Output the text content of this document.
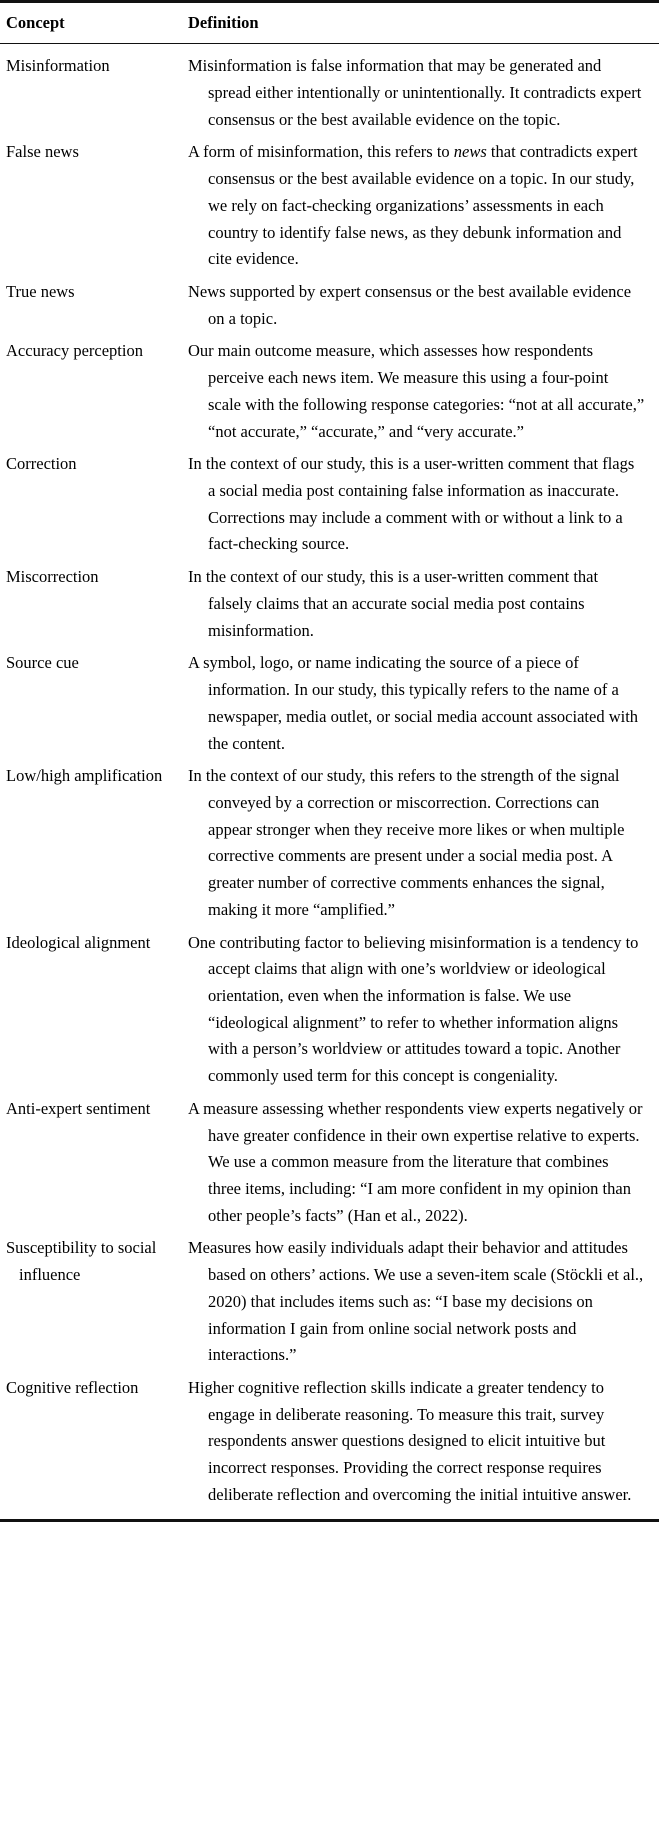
Concept	Definition
Misinformation	Misinformation is false information that may be generated and spread either intentionally or unintentionally. It contradicts expert consensus or the best available evidence on the topic.
False news	A form of misinformation, this refers to news that contradicts expert consensus or the best available evidence on a topic. In our study, we rely on fact-checking organizations’ assessments in each country to identify false news, as they debunk information and cite evidence.
True news	News supported by expert consensus or the best available evidence on a topic.
Accuracy perception	Our main outcome measure, which assesses how respondents perceive each news item. We measure this using a four-point scale with the following response categories: “not at all accurate,” “not accurate,” “accurate,” and “very accurate.”
Correction	In the context of our study, this is a user-written comment that flags a social media post containing false information as inaccurate. Corrections may include a comment with or without a link to a fact-checking source.
Miscorrection	In the context of our study, this is a user-written comment that falsely claims that an accurate social media post contains misinformation.
Source cue	A symbol, logo, or name indicating the source of a piece of information. In our study, this typically refers to the name of a newspaper, media outlet, or social media account associated with the content.
Low/high amplification	In the context of our study, this refers to the strength of the signal conveyed by a correction or miscorrection. Corrections can appear stronger when they receive more likes or when multiple corrective comments are present under a social media post. A greater number of corrective comments enhances the signal, making it more “amplified.”
Ideological alignment	One contributing factor to believing misinformation is a tendency to accept claims that align with one’s worldview or ideological orientation, even when the information is false. We use “ideological alignment” to refer to whether information aligns with a person’s worldview or attitudes toward a topic. Another commonly used term for this concept is congeniality.
Anti-expert sentiment	A measure assessing whether respondents view experts negatively or have greater confidence in their own expertise relative to experts. We use a common measure from the literature that combines three items, including: “I am more confident in my opinion than other people’s facts” (Han et al., 2022).
Susceptibility to social influence	Measures how easily individuals adapt their behavior and attitudes based on others’ actions. We use a seven-item scale (Stöckli et al., 2020) that includes items such as: “I base my decisions on information I gain from online social network posts and interactions.”
Cognitive reflection	Higher cognitive reflection skills indicate a greater tendency to engage in deliberate reasoning. To measure this trait, survey respondents answer questions designed to elicit intuitive but incorrect responses. Providing the correct response requires deliberate reflection and overcoming the initial intuitive answer.
